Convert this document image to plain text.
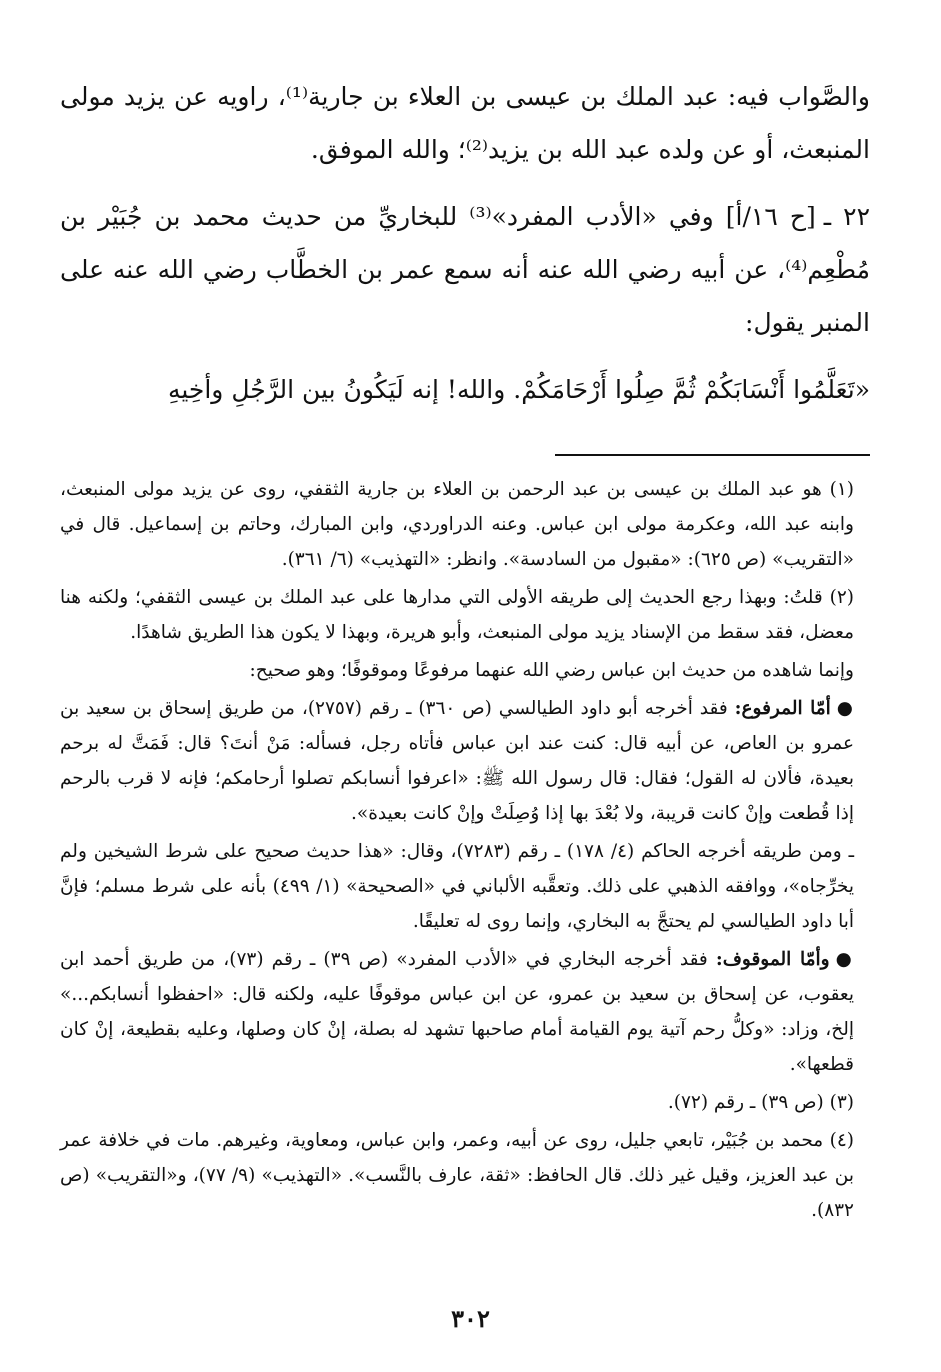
والصَّواب فيه: عبد الملك بن عيسى بن العلاء بن جارية⁽¹⁾، راويه عن يزيد مولى المنبعث، أو عن ولده عبد الله بن يزيد⁽²⁾؛ والله الموفق.

٢٢ ـ[ح ١٦/أ] وفي «الأدب المفرد»⁽³⁾ للبخاريِّ من حديث محمد بن جُبَيْر بن مُطْعِم⁽⁴⁾، عن أبيه رضي الله عنه أنه سمع عمر بن الخطَّاب رضي الله عنه على المنبر يقول:

«تَعَلَّمُوا أَنْسَابَكُمْ ثُمَّ صِلُوا أَرْحَامَكُمْ. والله! إنه لَيَكُونُ بين الرَّجُلِ وأخِيهِ

(١) هو عبد الملك بن عيسى بن عبد الرحمن بن العلاء بن جارية الثقفي، روى عن يزيد مولى المنبعث، وابنه عبد الله، وعكرمة مولى ابن عباس. وعنه الدراوردي، وابن المبارك، وحاتم بن إسماعيل. قال في «التقريب» (ص ٦٢٥): «مقبول من السادسة». وانظر: «التهذيب» (٦/ ٣٦١).

(٢) قلتُ: وبهذا رجع الحديث إلى طريقه الأولى التي مدارها على عبد الملك بن عيسى الثقفي؛ ولكنه هنا معضل، فقد سقط من الإسناد يزيد مولى المنبعث، وأبو هريرة، وبهذا لا يكون هذا الطريق شاهدًا.

وإنما شاهده من حديث ابن عباس رضي الله عنهما مرفوعًا وموقوفًا؛ وهو صحيح:

●أمّا المرفوع: فقد أخرجه أبو داود الطيالسي (ص ٣٦٠) ـ رقم (٢٧٥٧)، من طريق إسحاق بن سعيد بن عمرو بن العاص، عن أبيه قال: كنت عند ابن عباس فأتاه رجل، فسأله: مَنْ أنتَ؟ قال: فَمَتَّ له برحم بعيدة، فألان له القول؛ فقال: قال رسول الله ﷺ: «اعرفوا أنسابكم تصلوا أرحامكم؛ فإنه لا قرب بالرحم إذا قُطعت وإنْ كانت قريبة، ولا بُعْدَ بها إذا وُصِلَتْ وإنْ كانت بعيدة».

ـ ومن طريقه أخرجه الحاكم (٤/ ١٧٨) ـ رقم (٧٢٨٣)، وقال: «هذا حديث صحيح على شرط الشيخين ولم يخرِّجاه»، ووافقه الذهبي على ذلك. وتعقَّبه الألباني في «الصحيحة» (١/ ٤٩٩) بأنه على شرط مسلم؛ فإنَّ أبا داود الطيالسي لم يحتجَّ به البخاري، وإنما روى له تعليقًا.

●وأمّا الموقوف: فقد أخرجه البخاري في «الأدب المفرد» (ص ٣٩) ـ رقم (٧٣)، من طريق أحمد ابن يعقوب، عن إسحاق بن سعيد بن عمرو، عن ابن عباس موقوفًا عليه، ولكنه قال: «احفظوا أنسابكم...» إلخ، وزاد: «وكلُّ رحم آتية يوم القيامة أمام صاحبها تشهد له بصلة، إنْ كان وصلها، وعليه بقطيعة، إنْ كان قطعها».

(٣) (ص ٣٩) ـ رقم (٧٢).

(٤) محمد بن جُبَيْر، تابعي جليل، روى عن أبيه، وعمر، وابن عباس، ومعاوية، وغيرهم. مات في خلافة عمر بن عبد العزيز، وقيل غير ذلك. قال الحافظ: «ثقة، عارف بالنَّسب». «التهذيب» (٩/ ٧٧)، و«التقريب» (ص ٨٣٢).

٣٠٢
